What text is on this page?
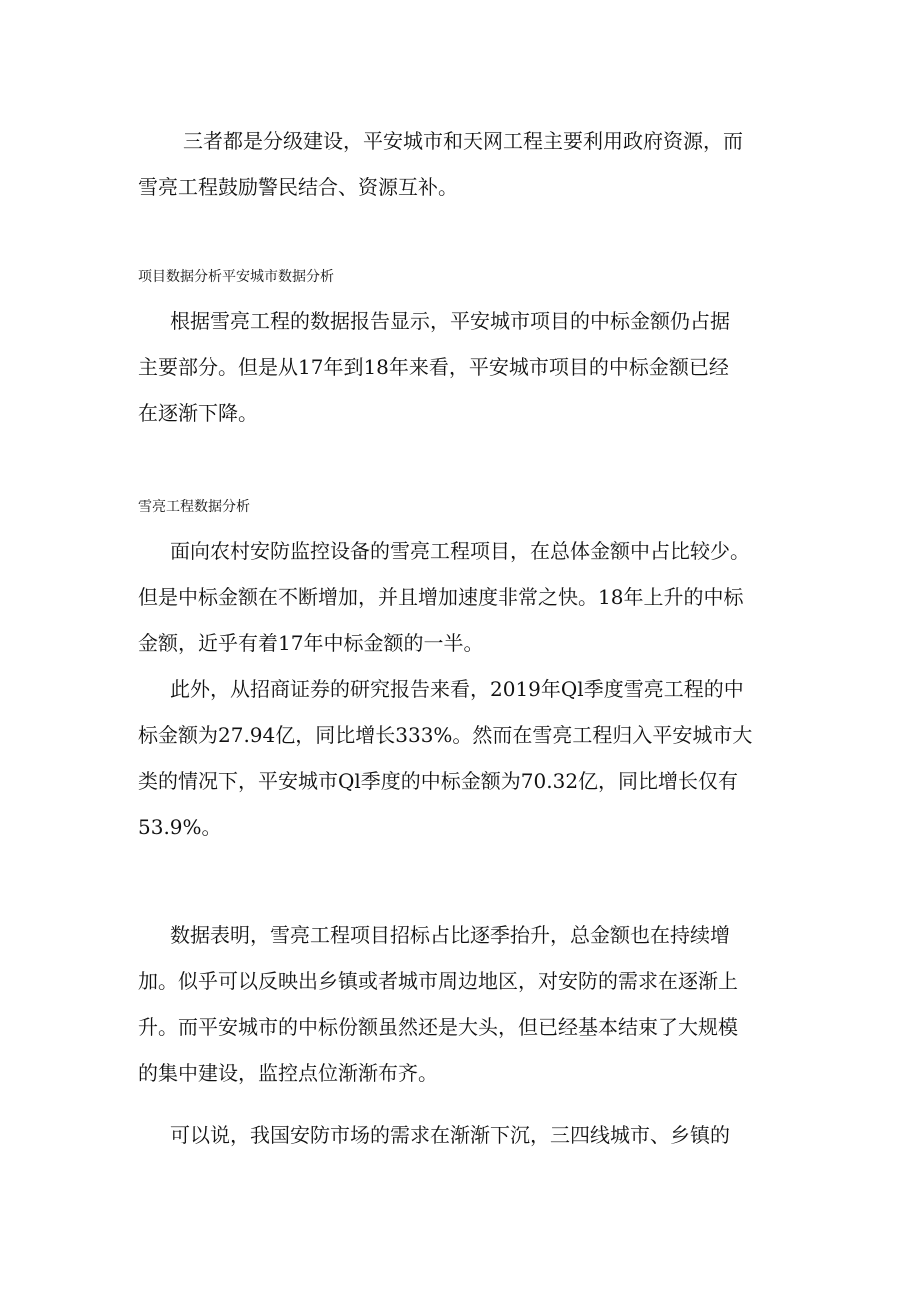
三者都是分级建设，平安城市和天网工程主要利用政府资源，而
雪亮工程鼓励警民结合、资源互补。
项目数据分析平安城市数据分析
根据雪亮工程的数据报告显示，平安城市项目的中标金额仍占据
主要部分。但是从17年到18年来看，平安城市项目的中标金额已经
在逐渐下降。
雪亮工程数据分析
面向农村安防监控设备的雪亮工程项目，在总体金额中占比较少。
但是中标金额在不断增加，并且增加速度非常之快。18年上升的中标
金额，近乎有着17年中标金额的一半。
此外，从招商证券的研究报告来看，2019年Ql季度雪亮工程的中
标金额为27.94亿，同比增长333%。然而在雪亮工程归入平安城市大
类的情况下，平安城市Ql季度的中标金额为70.32亿，同比增长仅有
53.9%。
数据表明，雪亮工程项目招标占比逐季抬升，总金额也在持续增
加。似乎可以反映出乡镇或者城市周边地区，对安防的需求在逐渐上
升。而平安城市的中标份额虽然还是大头，但已经基本结束了大规模
的集中建设，监控点位渐渐布齐。
可以说，我国安防市场的需求在渐渐下沉，三四线城市、乡镇的
